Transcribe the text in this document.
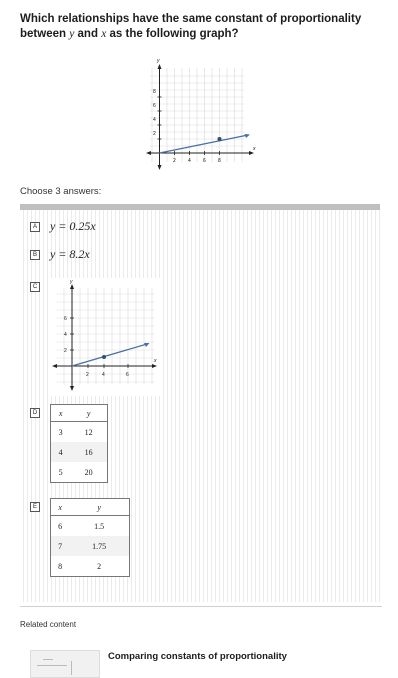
Which relationships have the same constant of proportionality between y and x as the following graph?
x
y
2 4 6 8
2
4
6
8
Choose 3 answers:
A y = 0.25x
B y = 8.2x
C
x
y
2	4	6
2
4
6
D	x	y
3	12
4	16
5	20
E	x	y
6	1.5
7	1.75
8	2
Related content
Comparing constants of proportionality
